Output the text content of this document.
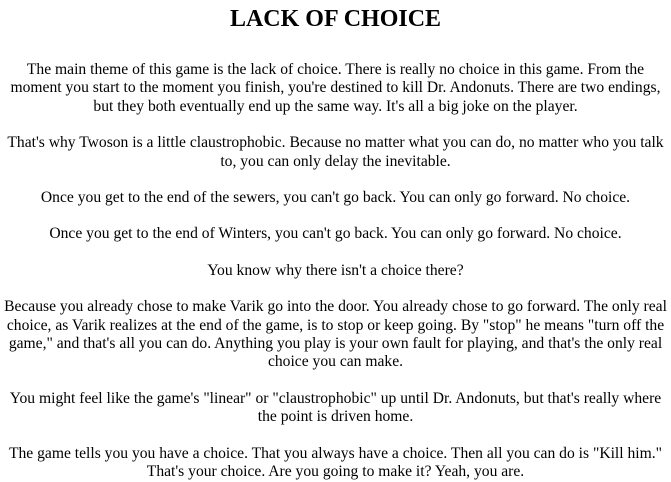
LACK OF CHOICE

The main theme of this game is the lack of choice. There is really no choice in this game. From the moment you start to the moment you finish, you're destined to kill Dr. Andonuts. There are two endings, but they both eventually end up the same way. It's all a big joke on the player.

That's why Twoson is a little claustrophobic. Because no matter what you can do, no matter who you talk to, you can only delay the inevitable.

Once you get to the end of the sewers, you can't go back. You can only go forward. No choice.

Once you get to the end of Winters, you can't go back. You can only go forward. No choice.

You know why there isn't a choice there?

Because you already chose to make Varik go into the door. You already chose to go forward. The only real choice, as Varik realizes at the end of the game, is to stop or keep going. By "stop" he means "turn off the game," and that's all you can do. Anything you play is your own fault for playing, and that's the only real choice you can make.

You might feel like the game's "linear" or "claustrophobic" up until Dr. Andonuts, but that's really where the point is driven home.

The game tells you you have a choice. That you always have a choice. Then all you can do is "Kill him." That's your choice. Are you going to make it? Yeah, you are.
